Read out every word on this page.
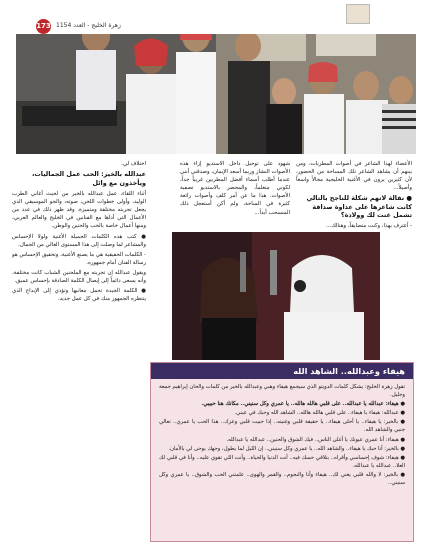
173 زهرة الخليج - العدد 1154

الأعضاء لهذا الشاعر في أصوات المطربات، ومن بينهم أن يشاهد الشاعر تلك المساحة من الحضور، لأن كثيرين يرون في الأغنية الخليجية مجالاً واسعاً وأصيلاً...

● نقالة لاتهم شكلة للناجح بالتالي كانت شاعرها على عداوة صداقة تشمل غنت لك وولادة؟

- أعترف بهذا، وكنت متضايقاً، وهنالك...

شهود على توحيل داخل الاستديو إزاء هذه الأصوات النشاز وربما أسعد الإيمان، وصدقني أنني عندما أطلب أسماء أفضل المطربين غريباً جداً، لكوني متعلماً، والمحضر بالاستديو تصفية الأصوات. هذا ما عن أمر كلف وأصوات رائعة كثيرة في الساحة، ولم أكن أستعجل ذلك المنسحب أبداً...

اختلاف لي.

عبدالله بالخير: الحب عمل الجماليات، ويأخذون مع وائل

أثناء اللقاء، عمل عبدالله بالخير من لحيث أغاني الطرب الوليد، وأولى خطوات اللحن، صوته، والجو الموسيقي الذي يجعل تجربته مختلفة ومتميزة. وقد ظهر ذلك في عدد من الأعمال التي أداها مع الفنانين في الخليج والعالم العربي، ومنها أعمال خاصة بالحب والحنين والوطن.

● كتب هذه الكلمات الجميلة الأغنية ولولا الإحساس والمشاعر لما وصلت إلى هذا المستوى العالي من الجمال.

- الكلمات الحقيقية هي ما يصنع الأغنية، وتحقيق الإحساس هو رسالة الفنان أمام جمهوره.

ويقول عبدالله إن تجربته مع الملحنين الشباب كانت مختلفة، وأنه يسعى دائماً إلى إيصال الكلمة الصادقة بإحساس عميق.

● الكلمة الجيدة تحمل معانيها وتؤدي إلى الإبداع الذي ينتظره الجمهور منك في كل عمل جديد.

هيفاء وعبدالله.. الشاهد الله

تقول زهرة الخليج: يشكل كلمات الدويتو الذي سيجمع هيفاء وهبي وعبدالله بالخير من كلمات والحان إبراهيم جمعة وجليل.

● هيفاء: عبدالله يا عبدالله.. على قلبي هالله هالله.. يا عمري وكل سنيني.. مكانك هنا حبيبي.

● عبدالله: هيفاء يا هيفاء.. على قلبي هالله هالله.. الشاهد الله وحبك في عيني.

● بالخير: يا هيفاء.. يا أحلى هيفاء.. يا حقيقة قلبي وغنيته.. إذا حبيت قلبي وعزك.. هذا الحب يا عمري.. تعالي جنبي والشاهد الله.

● هيفاء: أنا عمري عيونك يا أغلى الناس.. فيك الشوق والحنين.. عبدالله يا عبدالله.

● بالخير: أنا حبك يا هيفاء.. والشاهد الله.. يا عمري وكل سنيني.. إن الليل لما يطول، وجهك يوحى لي بالأمان.

● هيفاء: شوف إحساسي وأقراه.. بتلاقي حسك فيه.. أنت الدنيا والحياة.. وأنت اللي تقوي عليه.. وأنا في قلبي لك العلا.. عبدالله يا عبدالله.

● بالخير: لا والله قلبي يغني لك.. هيفاء وأنا والنجوم.. والقمر والهوى.. علمتني الحب والشوق.. يا عمري وكل سنيني..
